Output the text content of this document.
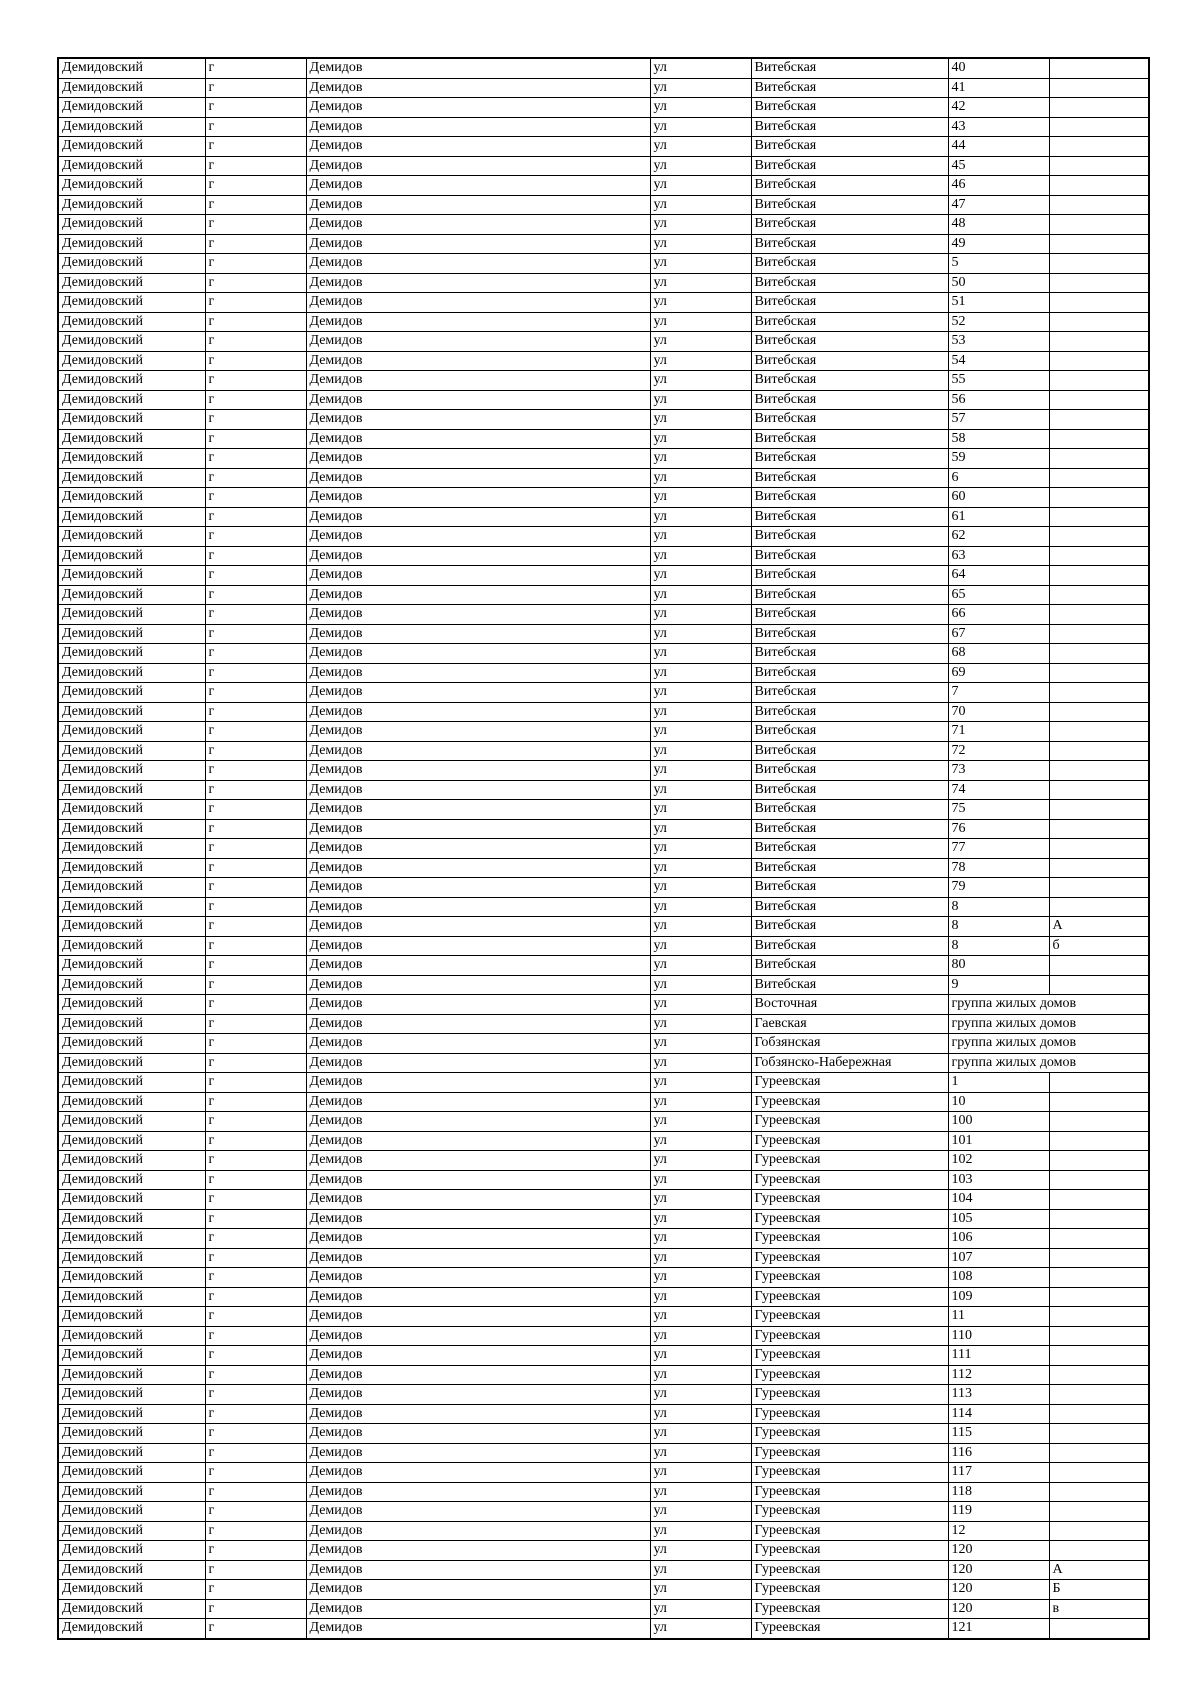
Демидовский	г	Демидов	ул	Витебская	40	
Демидовский	г	Демидов	ул	Витебская	41	
Демидовский	г	Демидов	ул	Витебская	42	
Демидовский	г	Демидов	ул	Витебская	43	
Демидовский	г	Демидов	ул	Витебская	44	
Демидовский	г	Демидов	ул	Витебская	45	
Демидовский	г	Демидов	ул	Витебская	46	
Демидовский	г	Демидов	ул	Витебская	47	
Демидовский	г	Демидов	ул	Витебская	48	
Демидовский	г	Демидов	ул	Витебская	49	
Демидовский	г	Демидов	ул	Витебская	5	
Демидовский	г	Демидов	ул	Витебская	50	
Демидовский	г	Демидов	ул	Витебская	51	
Демидовский	г	Демидов	ул	Витебская	52	
Демидовский	г	Демидов	ул	Витебская	53	
Демидовский	г	Демидов	ул	Витебская	54	
Демидовский	г	Демидов	ул	Витебская	55	
Демидовский	г	Демидов	ул	Витебская	56	
Демидовский	г	Демидов	ул	Витебская	57	
Демидовский	г	Демидов	ул	Витебская	58	
Демидовский	г	Демидов	ул	Витебская	59	
Демидовский	г	Демидов	ул	Витебская	6	
Демидовский	г	Демидов	ул	Витебская	60	
Демидовский	г	Демидов	ул	Витебская	61	
Демидовский	г	Демидов	ул	Витебская	62	
Демидовский	г	Демидов	ул	Витебская	63	
Демидовский	г	Демидов	ул	Витебская	64	
Демидовский	г	Демидов	ул	Витебская	65	
Демидовский	г	Демидов	ул	Витебская	66	
Демидовский	г	Демидов	ул	Витебская	67	
Демидовский	г	Демидов	ул	Витебская	68	
Демидовский	г	Демидов	ул	Витебская	69	
Демидовский	г	Демидов	ул	Витебская	7	
Демидовский	г	Демидов	ул	Витебская	70	
Демидовский	г	Демидов	ул	Витебская	71	
Демидовский	г	Демидов	ул	Витебская	72	
Демидовский	г	Демидов	ул	Витебская	73	
Демидовский	г	Демидов	ул	Витебская	74	
Демидовский	г	Демидов	ул	Витебская	75	
Демидовский	г	Демидов	ул	Витебская	76	
Демидовский	г	Демидов	ул	Витебская	77	
Демидовский	г	Демидов	ул	Витебская	78	
Демидовский	г	Демидов	ул	Витебская	79	
Демидовский	г	Демидов	ул	Витебская	8	
Демидовский	г	Демидов	ул	Витебская	8	А
Демидовский	г	Демидов	ул	Витебская	8	б
Демидовский	г	Демидов	ул	Витебская	80	
Демидовский	г	Демидов	ул	Витебская	9	
Демидовский	г	Демидов	ул	Восточная	группа жилых домов	
Демидовский	г	Демидов	ул	Гаевская	группа жилых домов	
Демидовский	г	Демидов	ул	Гобзянская	группа жилых домов	
Демидовский	г	Демидов	ул	Гобзянско-Набережная	группа жилых домов	
Демидовский	г	Демидов	ул	Гуреевская	1	
Демидовский	г	Демидов	ул	Гуреевская	10	
Демидовский	г	Демидов	ул	Гуреевская	100	
Демидовский	г	Демидов	ул	Гуреевская	101	
Демидовский	г	Демидов	ул	Гуреевская	102	
Демидовский	г	Демидов	ул	Гуреевская	103	
Демидовский	г	Демидов	ул	Гуреевская	104	
Демидовский	г	Демидов	ул	Гуреевская	105	
Демидовский	г	Демидов	ул	Гуреевская	106	
Демидовский	г	Демидов	ул	Гуреевская	107	
Демидовский	г	Демидов	ул	Гуреевская	108	
Демидовский	г	Демидов	ул	Гуреевская	109	
Демидовский	г	Демидов	ул	Гуреевская	11	
Демидовский	г	Демидов	ул	Гуреевская	110	
Демидовский	г	Демидов	ул	Гуреевская	111	
Демидовский	г	Демидов	ул	Гуреевская	112	
Демидовский	г	Демидов	ул	Гуреевская	113	
Демидовский	г	Демидов	ул	Гуреевская	114	
Демидовский	г	Демидов	ул	Гуреевская	115	
Демидовский	г	Демидов	ул	Гуреевская	116	
Демидовский	г	Демидов	ул	Гуреевская	117	
Демидовский	г	Демидов	ул	Гуреевская	118	
Демидовский	г	Демидов	ул	Гуреевская	119	
Демидовский	г	Демидов	ул	Гуреевская	12	
Демидовский	г	Демидов	ул	Гуреевская	120	
Демидовский	г	Демидов	ул	Гуреевская	120	А
Демидовский	г	Демидов	ул	Гуреевская	120	Б
Демидовский	г	Демидов	ул	Гуреевская	120	в
Демидовский	г	Демидов	ул	Гуреевская	121	
